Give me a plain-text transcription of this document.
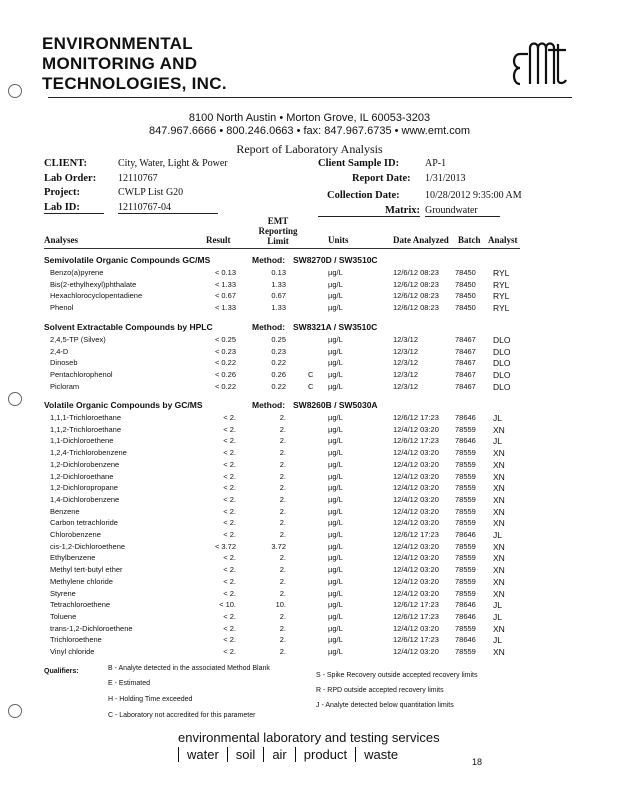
ENVIRONMENTAL
MONITORING AND
TECHNOLOGIES, INC.
8100 North Austin • Morton Grove, IL 60053-3203
847.967.6666 • 800.246.0663 • fax: 847.967.6735 • www.emt.com
Report of Laboratory Analysis
CLIENT:	City, Water, Light & Power
Lab Order: 12110767
Project:	CWLP List G20
Lab ID:	12110767-04
Client Sample ID:	AP-1
Report Date: 1/31/2013
Collection Date:	10/28/2012 9:35:00 AM
Matrix: Groundwater
Analyses	Result
EMT
Reporting
Limit	Units	Date Analyzed Batch Analyst
Semivolatile Organic Compounds GC/MS	Method: SW8270D / SW3510C
Benzo(a)pyrene	< 0.13	0.13	µg/L	12/6/12 08:23 78450 RYL
Bis(2-ethylhexyl)phthalate	< 1.33	1.33	µg/L	12/6/12 08:23 78450 RYL
Hexachlorocyclopentadiene	< 0.67	0.67	µg/L	12/6/12 08:23 78450 RYL
Phenol	< 1.33	1.33	µg/L	12/6/12 08:23 78450 RYL
Solvent Extractable Compounds by HPLC	Method: SW8321A / SW3510C
2,4,5-TP (Silvex)	< 0.25	0.25	µg/L	12/3/12	78467 DLO
2,4-D	< 0.23	0.23	µg/L	12/3/12	78467 DLO
Dinoseb	< 0.22	0.22	µg/L	12/3/12	78467 DLO
Pentachlorophenol	< 0.26	0.26	C µg/L	12/3/12	78467 DLO
Picloram	< 0.22	0.22	C µg/L	12/3/12	78467 DLO
Volatile Organic Compounds by GC/MS	Method: SW8260B / SW5030A
1,1,1-Trichloroethane	< 2.	2.	µg/L	12/6/12 17:23 78646 JL
1,1,2-Trichloroethane	< 2.	2.	µg/L	12/4/12 03:20 78559 XN
1,1-Dichloroethene	< 2.	2.	µg/L	12/6/12 17:23 78646 JL
1,2,4-Trichlorobenzene	< 2.	2.	µg/L	12/4/12 03:20 78559 XN
1,2-Dichlorobenzene	< 2.	2.	µg/L	12/4/12 03:20 78559 XN
1,2-Dichloroethane	< 2.	2.	µg/L	12/4/12 03:20 78559 XN
1,2-Dichloropropane	< 2.	2.	µg/L	12/4/12 03:20 78559 XN
1,4-Dichlorobenzene	< 2.	2.	µg/L	12/4/12 03:20 78559 XN
Benzene	< 2.	2.	µg/L	12/4/12 03:20 78559 XN
Carbon tetrachloride	< 2.	2.	µg/L	12/4/12 03:20 78559 XN
Chlorobenzene	< 2.	2.	µg/L	12/6/12 17:23 78646 JL
cis-1,2-Dichloroethene	< 3.72	3.72	µg/L	12/4/12 03:20 78559 XN
Ethylbenzene	< 2.	2.	µg/L	12/4/12 03:20 78559 XN
Methyl tert-butyl ether	< 2.	2.	µg/L	12/4/12 03:20 78559 XN
Methylene chloride	< 2.	2.	µg/L	12/4/12 03:20 78559 XN
Styrene	< 2.	2.	µg/L	12/4/12 03:20 78559 XN
Tetrachloroethene	< 10.	10.	µg/L	12/6/12 17:23 78646 JL
Toluene	< 2.	2.	µg/L	12/6/12 17:23 78646 JL
trans-1,2-Dichloroethene	< 2.	2.	µg/L	12/4/12 03:20 78559 XN
Trichloroethene	< 2.	2.	µg/L	12/6/12 17:23 78646 JL
Vinyl chloride	< 2.	2.	µg/L	12/4/12 03:20 78559 XN
Qualifiers:	B - Analyte detected in the associated Method Blank
E - Estimated
H - Holding Time exceeded
C - Laboratory not accredited for this parameter
S - Spike Recovery outside accepted recovery limits
R - RPD outside accepted recovery limits
J - Analyte detected below quantitation limits
environmental laboratory and testing services
water soil air product waste	18
